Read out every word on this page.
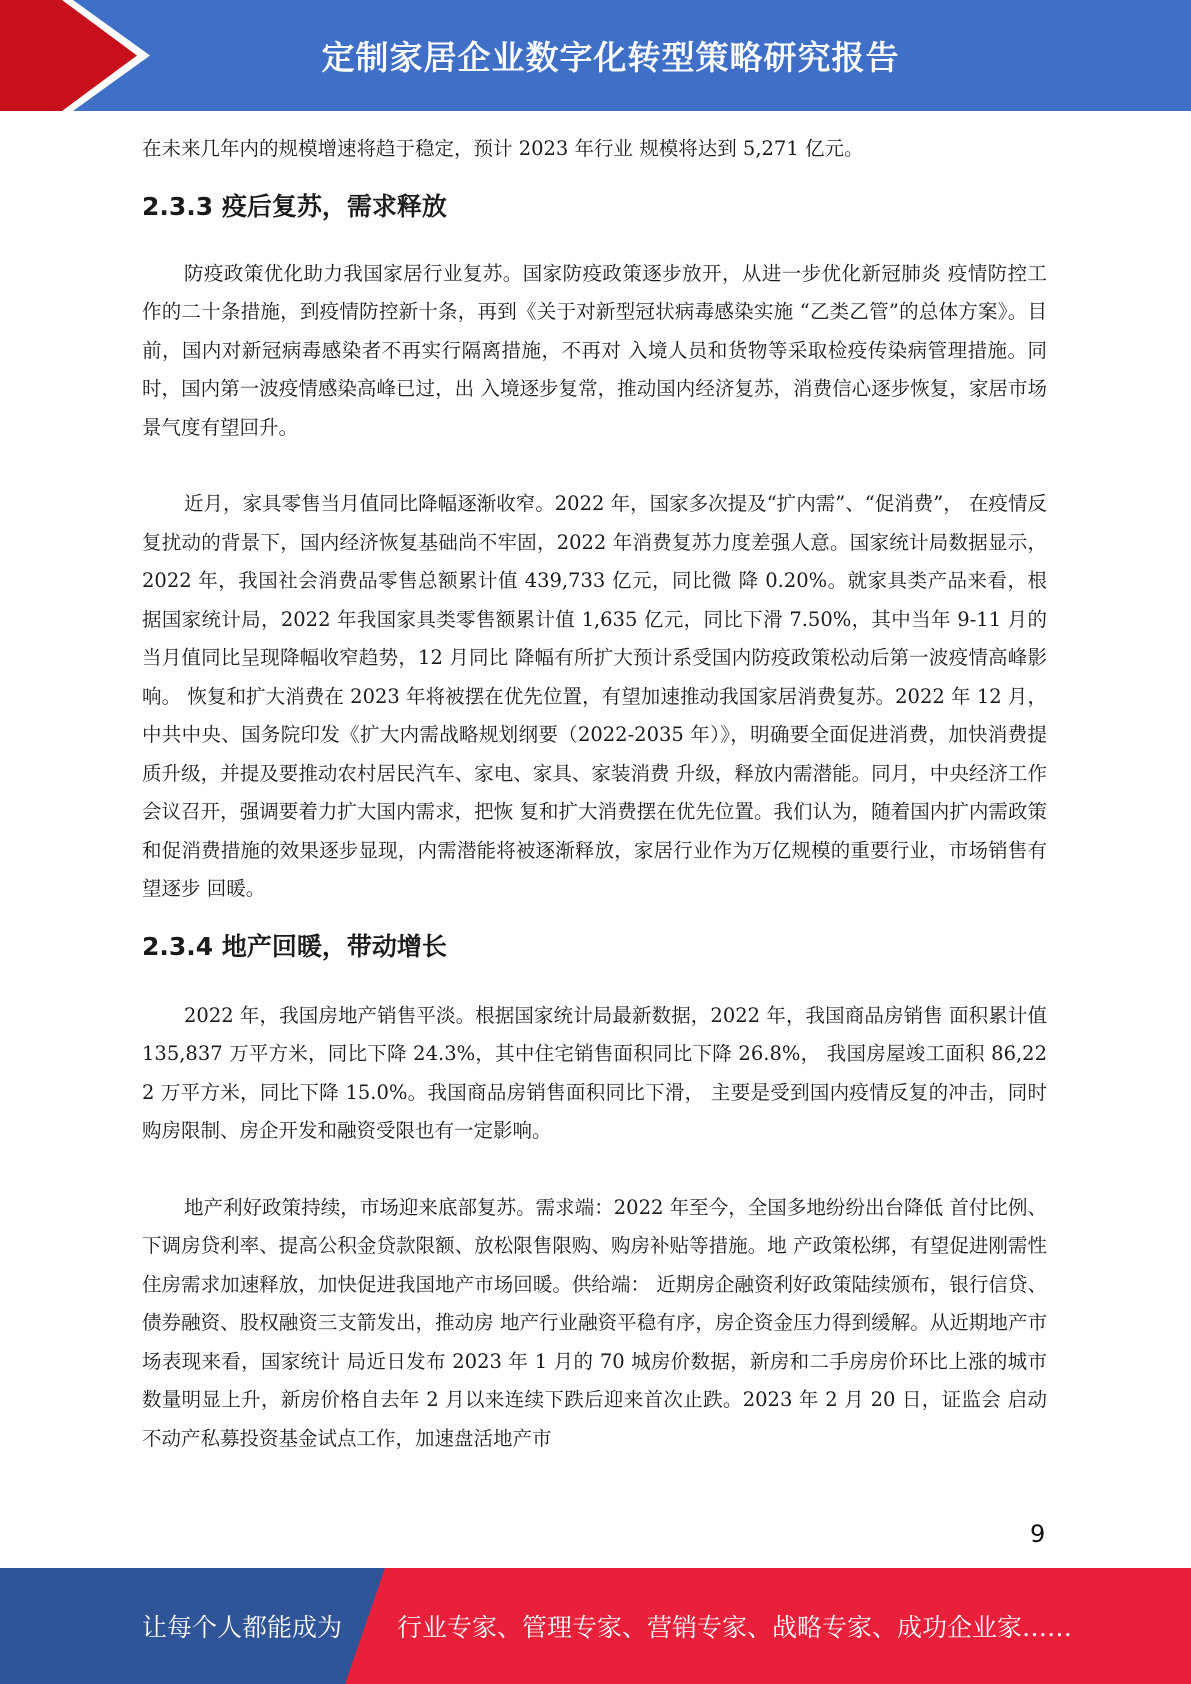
定制家居企业数字化转型策略研究报告

在未来几年内的规模增速将趋于稳定，预计 2023 年行业 规模将达到 5,271 亿元。

2.3.3 疫后复苏，需求释放

防疫政策优化助力我国家居行业复苏。国家防疫政策逐步放开，从进一步优化新冠肺炎 疫情防控工作的二十条措施，到疫情防控新十条，再到《关于对新型冠状病毒感染实施 “乙类乙管”的总体方案》。目前，国内对新冠病毒感染者不再实行隔离措施，不再对 入境人员和货物等采取检疫传染病管理措施。同时，国内第一波疫情感染高峰已过，出 入境逐步复常，推动国内经济复苏，消费信心逐步恢复，家居市场景气度有望回升。

近月，家具零售当月值同比降幅逐渐收窄。2022 年，国家多次提及“扩内需”、“促消费”， 在疫情反复扰动的背景下，国内经济恢复基础尚不牢固，2022 年消费复苏力度差强人意。国家统计局数据显示，2022 年，我国社会消费品零售总额累计值 439,733 亿元，同比微 降 0.20%。就家具类产品来看，根据国家统计局，2022 年我国家具类零售额累计值 1,635 亿元，同比下滑 7.50%，其中当年 9-11 月的当月值同比呈现降幅收窄趋势，12 月同比 降幅有所扩大预计系受国内防疫政策松动后第一波疫情高峰影响。 恢复和扩大消费在 2023 年将被摆在优先位置，有望加速推动我国家居消费复苏。2022 年 12 月，中共中央、国务院印发《扩大内需战略规划纲要（2022-2035 年）》，明确要全面促进消费，加快消费提质升级，并提及要推动农村居民汽车、家电、家具、家装消费 升级，释放内需潜能。同月，中央经济工作会议召开，强调要着力扩大国内需求，把恢 复和扩大消费摆在优先位置。我们认为，随着国内扩内需政策和促消费措施的效果逐步显现，内需潜能将被逐渐释放，家居行业作为万亿规模的重要行业，市场销售有望逐步 回暖。

2.3.4 地产回暖，带动增长

2022 年，我国房地产销售平淡。根据国家统计局最新数据，2022 年，我国商品房销售 面积累计值 135,837 万平方米，同比下降 24.3%，其中住宅销售面积同比下降 26.8%， 我国房屋竣工面积 86,222 万平方米，同比下降 15.0%。我国商品房销售面积同比下滑， 主要是受到国内疫情反复的冲击，同时购房限制、房企开发和融资受限也有一定影响。

地产利好政策持续，市场迎来底部复苏。需求端：2022 年至今，全国多地纷纷出台降低 首付比例、下调房贷利率、提高公积金贷款限额、放松限售限购、购房补贴等措施。地 产政策松绑，有望促进刚需性住房需求加速释放，加快促进我国地产市场回暖。供给端： 近期房企融资利好政策陆续颁布，银行信贷、债券融资、股权融资三支箭发出，推动房 地产行业融资平稳有序，房企资金压力得到缓解。从近期地产市场表现来看，国家统计 局近日发布 2023 年 1 月的 70 城房价数据，新房和二手房房价环比上涨的城市数量明显上升，新房价格自去年 2 月以来连续下跌后迎来首次止跌。2023 年 2 月 20 日，证监会 启动不动产私募投资基金试点工作，加速盘活地产市

9
让每个人都能成为 行业专家、管理专家、营销专家、战略专家、成功企业家……
